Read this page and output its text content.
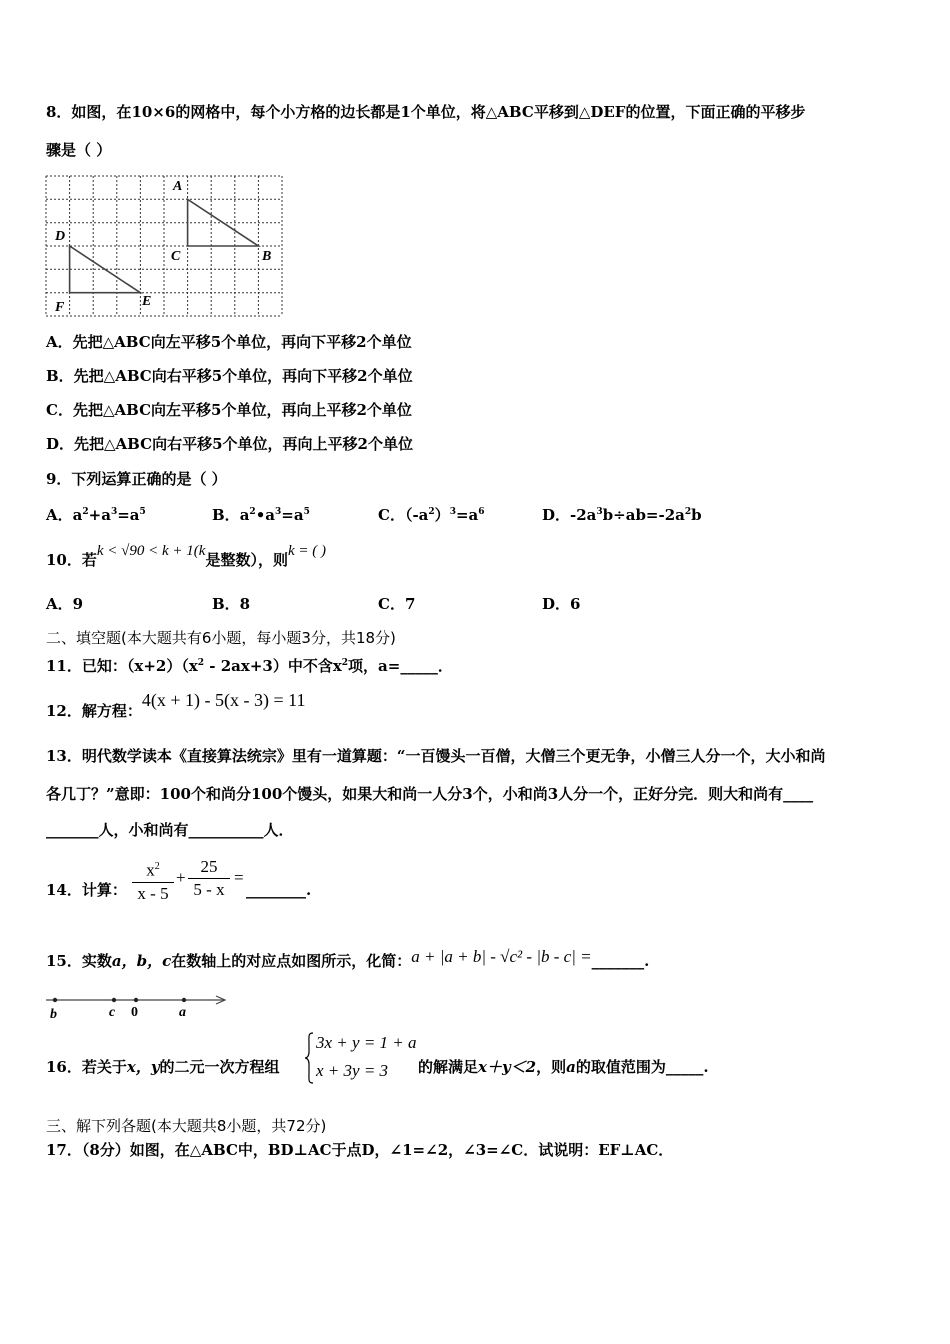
8．如图，在10×6的网格中，每个小方格的边长都是1个单位，将△ABC平移到△DEF的位置，下面正确的平移步
骤是（ ）
A
C	B
D
F	E
A．先把△ABC向左平移5个单位，再向下平移2个单位
B．先把△ABC向右平移5个单位，再向下平移2个单位
C．先把△ABC向左平移5个单位，再向上平移2个单位
D．先把△ABC向右平移5个单位，再向上平移2个单位
9．下列运算正确的是（ ）
A．$a^2+a^3=a^5$	B．$a^2•a^3=a^5$	C．$(-a^2)^3=a^6$	D．$-2a^3b\div ab=-2a^2b$
10．若k < √90 < k + 1(k是整数），则k = ( )
A．9	B．8	C．7	D．6
二、填空题(本大题共有6小题，每小题3分，共18分)
11．已知：$(x+2)(x^2 - 2ax+3)$中不含$x^2$项，a=_____．
12．解方程：4(x + 1) - 5(x - 3) = 11
13．明代数学读本《直接算法统宗》里有一道算题：“一百馒头一百僧，大僧三个更无争，小僧三人分一个，大小和尚
各几丁？”意即：100个和尚分100个馒头，如果大和尚一人分3个，小和尚3人分一个，正好分完．则大和尚有____
_______人，小和尚有__________人．
14．计算：
$x^2$
x - 5
+
25
5 - x
=
________.
15．实数a，b，c在数轴上的对应点如图所示，化简：a + |a + b| - √c² - |b - c| =_______.
b	c 0	a
16．若关于x，y的二元一次方程组
3x + y = 1 + a
x + 3y = 3 的解满足x＋y＜2，则a的取值范围为_____.
三、解下列各题(本大题共8小题，共72分)
17．（8分）如图，在△ABC中，BD⊥AC于点D，∠1=∠2，∠3=∠C．试说明：EF⊥AC．
